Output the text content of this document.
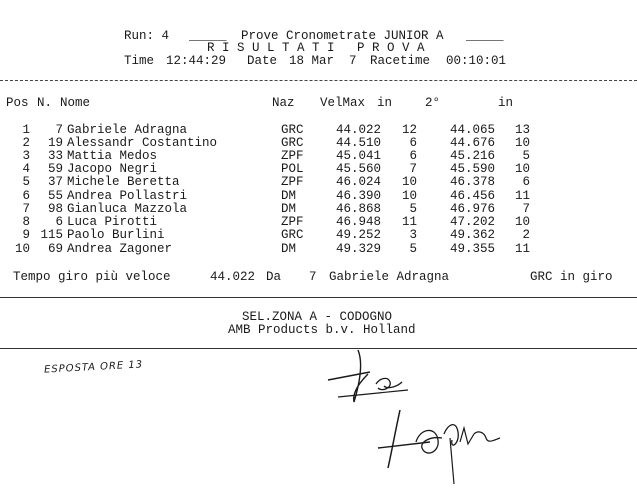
Run: 4 _____ Prove Cronometrate JUNIOR A _____
R I S U L T A T I   P R O V A
Time 12:44:29 Date 18 Mar  7 Racetime 00:10:01
Pos N. Nome	Naz VelMax in	2°	in
1	7 Gabriele Adragna	GRC	44.022	12	44.065	13
2	19 Alessandr Costantino	GRC	44.510	6	44.676	10
3	33 Mattia Medos	ZPF	45.041	6	45.216	5
4	59 Jacopo Negri	POL	45.560	7	45.590	10
5	37 Michele Beretta	ZPF	46.024	10	46.378	6
6	55 Andrea Pollastri	DM	46.390	10	46.456	11
7	98 Gianluca Mazzola	DM	46.868	5	46.976	7
8	6 Luca Pirotti	ZPF	46.948	11	47.202	10
9 115 Paolo Burlini	GRC	49.252	3	49.362	2
10	69 Andrea Zagoner	DM	49.329	5	49.355	11
Tempo giro più veloce	44.022 Da 7 Gabriele Adragna	GRC in giro
SEL.ZONA A - CODOGNO
AMB Products b.v. Holland
ESPOSTA ORE 13
